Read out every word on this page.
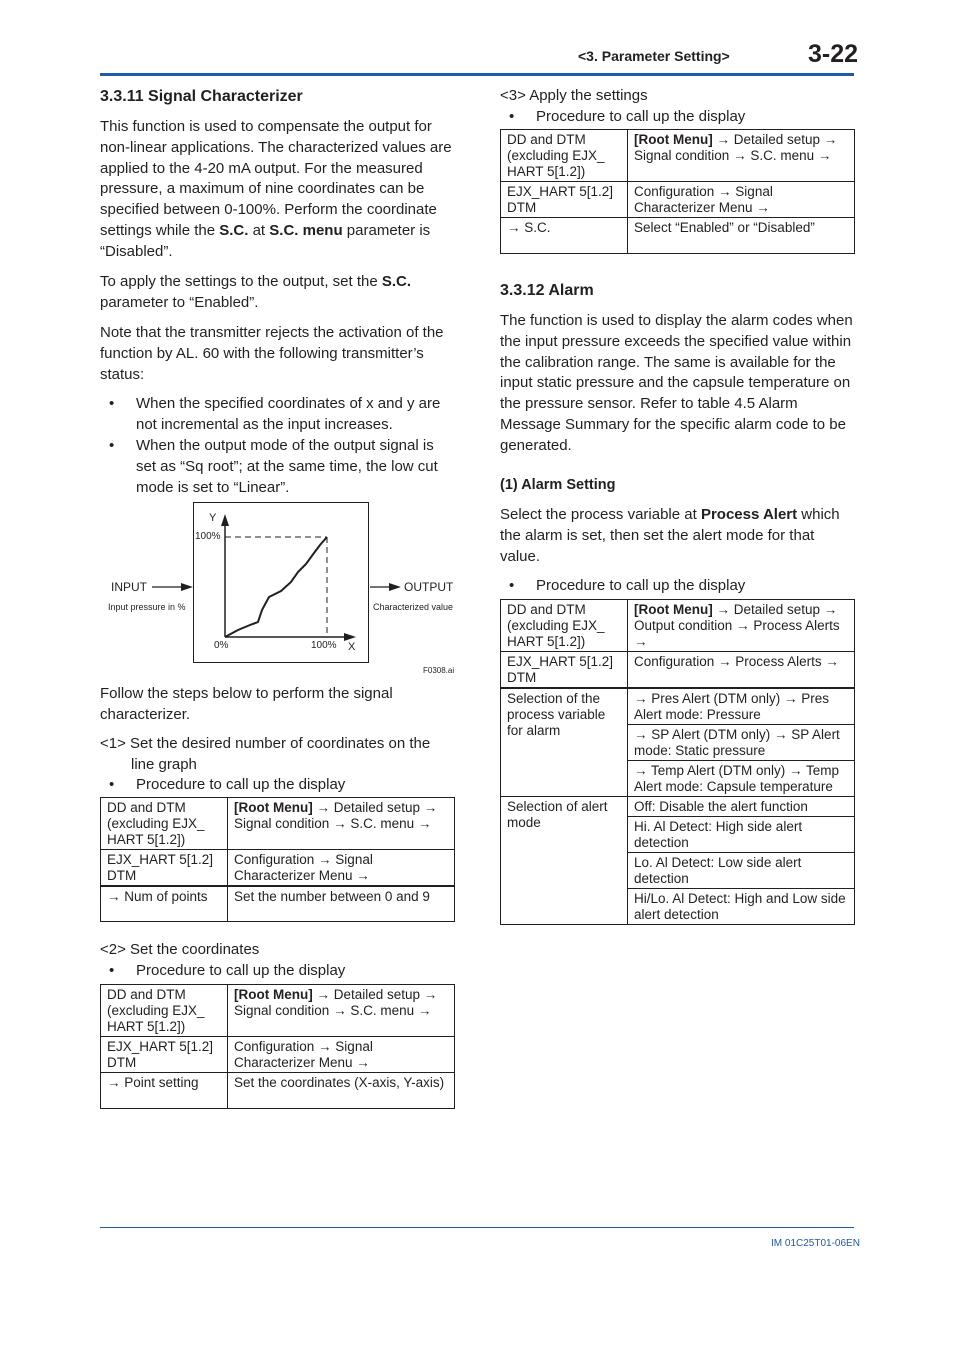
<3. Parameter Setting>	3-22
3.3.11 Signal Characterizer

This function is used to compensate the output for non-linear applications. The characterized values are applied to the 4-20 mA output. For the measured pressure, a maximum of nine coordinates can be specified between 0-100%. Perform the coordinate settings while the S.C. at S.C. menu parameter is “Disabled”.

To apply the settings to the output, set the S.C. parameter to “Enabled”.

Note that the transmitter rejects the activation of the function by AL. 60 with the following transmitter’s status:

• When the specified coordinates of x and y are not incremental as the input increases.
• When the output mode of the output signal is set as “Sq root”; at the same time, the low cut mode is set to “Linear”.
Y
100%
0%	100% X
INPUT
Input pressure in %
OUTPUT
Characterized value
F0308.ai

Follow the steps below to perform the signal characterizer.

<1> Set the desired number of coordinates on the
line graph
• Procedure to call up the display
DD and DTM (excluding EJX_ HART 5[1.2])	[Root Menu] → Detailed setup → Signal condition → S.C. menu →
EJX_HART 5[1.2] DTM	Configuration → Signal Characterizer Menu →
→ Num of points	Set the number between 0 and 9
<2> Set the coordinates
• Procedure to call up the display
DD and DTM (excluding EJX_ HART 5[1.2])	[Root Menu] → Detailed setup → Signal condition → S.C. menu →
EJX_HART 5[1.2] DTM	Configuration → Signal Characterizer Menu →
→ Point setting	Set the coordinates (X-axis, Y-axis)
<3> Apply the settings
• Procedure to call up the display
DD and DTM (excluding EJX_ HART 5[1.2])	[Root Menu] → Detailed setup → Signal condition → S.C. menu →
EJX_HART 5[1.2] DTM	Configuration → Signal Characterizer Menu →
→ S.C.	Select “Enabled” or “Disabled”
3.3.12 Alarm

The function is used to display the alarm codes when the input pressure exceeds the specified value within the calibration range. The same is available for the input static pressure and the capsule temperature on the pressure sensor. Refer to table 4.5 Alarm Message Summary for the specific alarm code to be generated.

(1) Alarm Setting

Select the process variable at Process Alert which the alarm is set, then set the alert mode for that value.

• Procedure to call up the display
DD and DTM (excluding EJX_ HART 5[1.2])	[Root Menu] → Detailed setup → Output condition → Process Alerts →
EJX_HART 5[1.2] DTM	Configuration → Process Alerts →
Selection of the process variable for alarm	→ Pres Alert (DTM only) → Pres Alert mode: Pressure
	→ SP Alert (DTM only) → SP Alert mode: Static pressure
	→ Temp Alert (DTM only) → Temp Alert mode: Capsule temperature
Selection of alert mode	Off: Disable the alert function
	Hi. Al Detect: High side alert detection
	Lo. Al Detect: Low side alert detection
	Hi/Lo. Al Detect: High and Low side alert detection
IM 01C25T01-06EN
